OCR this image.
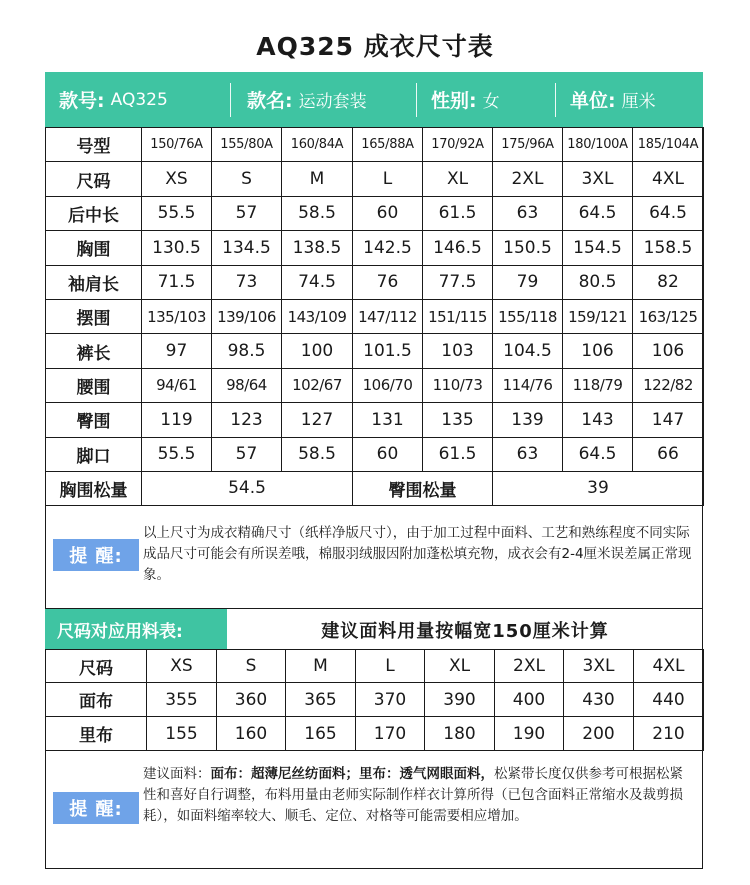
AQ325 成衣尺寸表
款号: AQ325	款名: 运动套装	性别: 女	单位: 厘米
号型	150/76A	155/80A	160/84A	165/88A	170/92A	175/96A	180/100A	185/104A
尺码	XS	S	M	L	XL	2XL	3XL	4XL
后中长	55.5	57	58.5	60	61.5	63	64.5	64.5
胸围	130.5	134.5	138.5	142.5	146.5	150.5	154.5	158.5
袖肩长	71.5	73	74.5	76	77.5	79	80.5	82
摆围	135/103	139/106	143/109	147/112	151/115	155/118	159/121	163/125
裤长	97	98.5	100	101.5	103	104.5	106	106
腰围	94/61	98/64	102/67	106/70	110/73	114/76	118/79	122/82
臀围	119	123	127	131	135	139	143	147
脚口	55.5	57	58.5	60	61.5	63	64.5	66
胸围松量	54.5			臀围松量		39		
提 醒:
以上尺寸为成衣精确尺寸（纸样净版尺寸），由于加工过程中面料、工艺和熟练程度不同实际成品尺寸可能会有所误差哦，棉服羽绒服因附加蓬松填充物，成衣会有2-4厘米误差属正常现象。
尺码对应用料表:	建议面料用量按幅宽150厘米计算
尺码	XS	S	M	L	XL	2XL	3XL	4XL
面布	355	360	365	370	390	400	430	440
里布	155	160	165	170	180	190	200	210
提 醒:
建议面料：面布：超薄尼丝纺面料；里布：透气网眼面料，松紧带长度仅供参考可根据松紧性和喜好自行调整，布料用量由老师实际制作样衣计算所得（已包含面料正常缩水及裁剪损耗），如面料缩率较大、顺毛、定位、对格等可能需要相应增加。
